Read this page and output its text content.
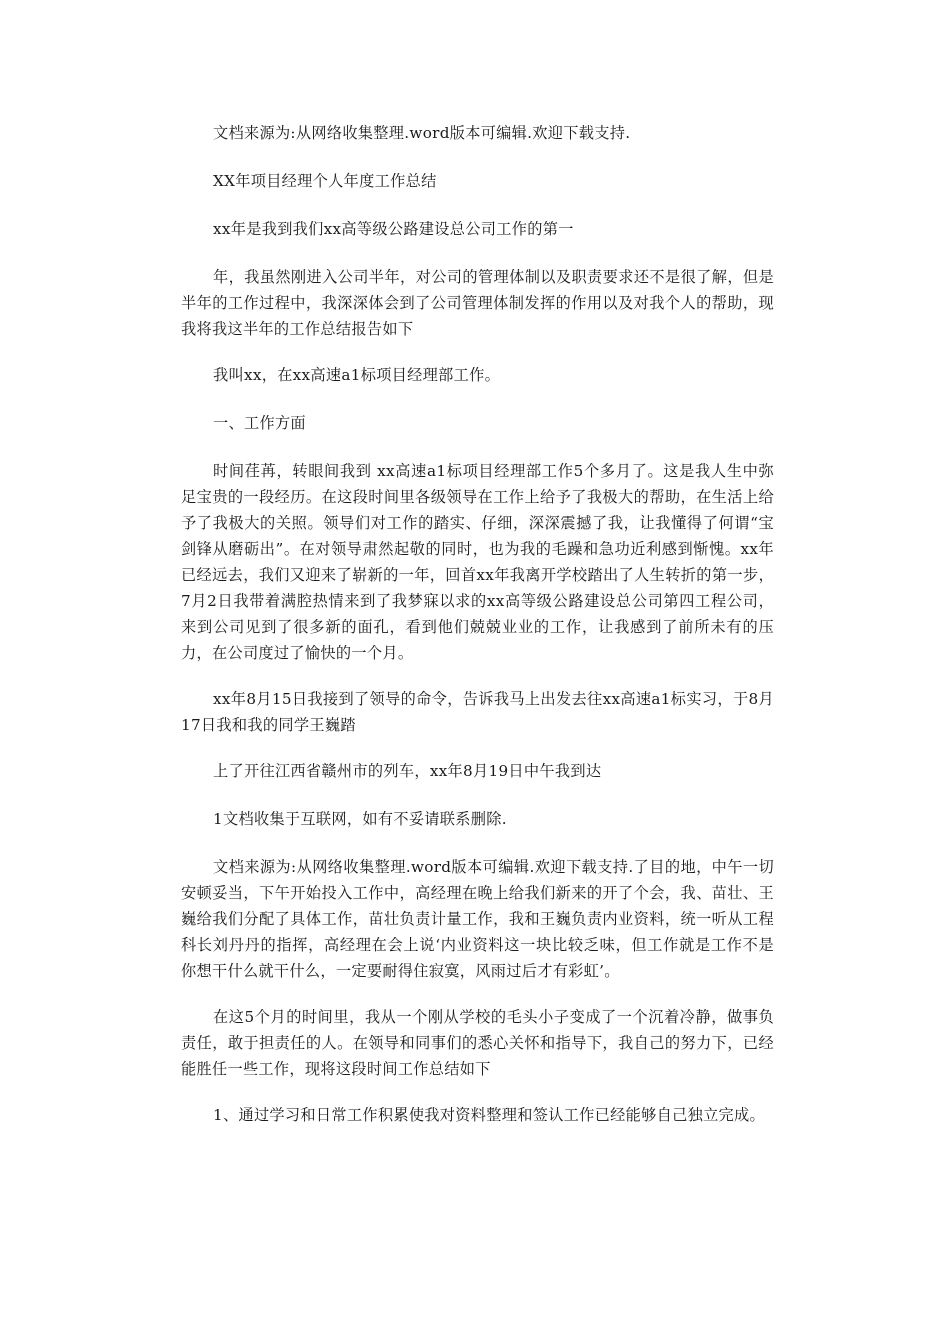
文档来源为:从网络收集整理.word版本可编辑.欢迎下载支持.

XX年项目经理个人年度工作总结

xx年是我到我们xx高等级公路建设总公司工作的第一

年，我虽然刚进入公司半年，对公司的管理体制以及职责要求还不是很了解，但是半年的工作过程中，我深深体会到了公司管理体制发挥的作用以及对我个人的帮助，现我将我这半年的工作总结报告如下

我叫xx，在xx高速a1标项目经理部工作。

一、工作方面

时间荏苒，转眼间我到 xx高速a1标项目经理部工作5个多月了。这是我人生中弥足宝贵的一段经历。在这段时间里各级领导在工作上给予了我极大的帮助，在生活上给予了我极大的关照。领导们对工作的踏实、仔细，深深震撼了我，让我懂得了何谓“宝剑锋从磨砺出”。在对领导肃然起敬的同时，也为我的毛躁和急功近利感到惭愧。xx年已经远去，我们又迎来了崭新的一年，回首xx年我离开学校踏出了人生转折的第一步，7月2日我带着满腔热情来到了我梦寐以求的xx高等级公路建设总公司第四工程公司，来到公司见到了很多新的面孔，看到他们兢兢业业的工作，让我感到了前所未有的压力，在公司度过了愉快的一个月。

xx年8月15日我接到了领导的命令，告诉我马上出发去往xx高速a1标实习，于8月17日我和我的同学王巍踏

上了开往江西省赣州市的列车，xx年8月19日中午我到达

1文档收集于互联网，如有不妥请联系删除.

文档来源为:从网络收集整理.word版本可编辑.欢迎下载支持.了目的地，中午一切安顿妥当，下午开始投入工作中，高经理在晚上给我们新来的开了个会，我、苗壮、王巍给我们分配了具体工作，苗壮负责计量工作，我和王巍负责内业资料，统一听从工程科长刘丹丹的指挥，高经理在会上说‘内业资料这一块比较乏味，但工作就是工作不是你想干什么就干什么，一定要耐得住寂寞，风雨过后才有彩虹’。

在这5个月的时间里，我从一个刚从学校的毛头小子变成了一个沉着冷静，做事负责任，敢于担责任的人。在领导和同事们的悉心关怀和指导下，我自己的努力下，已经能胜任一些工作，现将这段时间工作总结如下

1、通过学习和日常工作积累使我对资料整理和签认工作已经能够自己独立完成。
